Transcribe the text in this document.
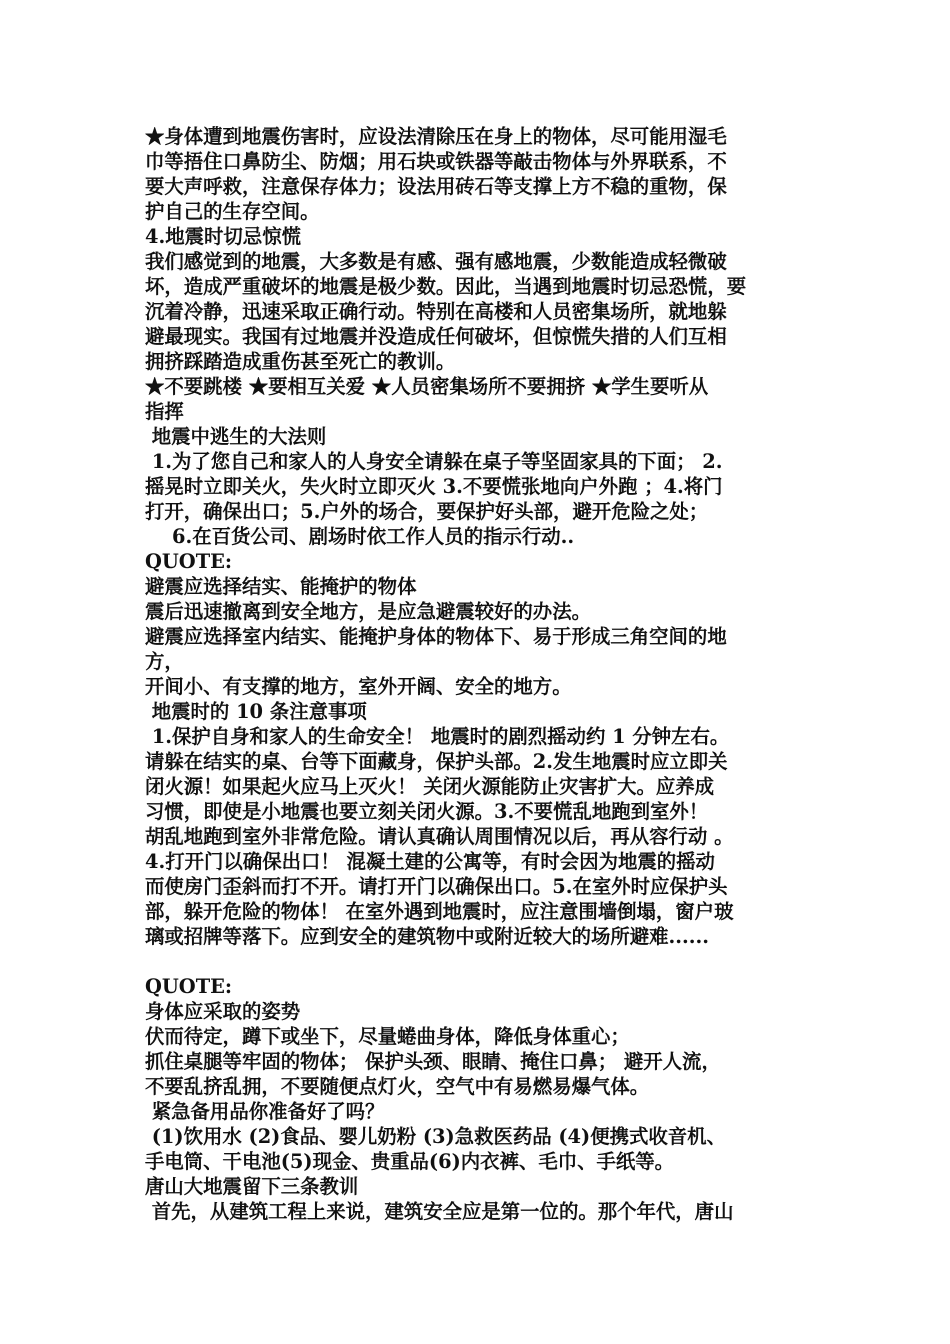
★身体遭到地震伤害时，应设法清除压在身上的物体，尽可能用湿毛
巾等捂住口鼻防尘、防烟；用石块或铁器等敲击物体与外界联系，不
要大声呼救，注意保存体力；设法用砖石等支撑上方不稳的重物，保
护自己的生存空间。
4.地震时切忌惊慌
我们感觉到的地震，大多数是有感、强有感地震，少数能造成轻微破
坏，造成严重破坏的地震是极少数。因此，当遇到地震时切忌恐慌，要
沉着冷静，迅速采取正确行动。特别在高楼和人员密集场所，就地躲
避最现实。我国有过地震并没造成任何破坏，但惊慌失措的人们互相
拥挤踩踏造成重伤甚至死亡的教训。
★不要跳楼 ★要相互关爱 ★人员密集场所不要拥挤 ★学生要听从
指挥
地震中逃生的大法则
1.为了您自己和家人的人身安全请躲在桌子等坚固家具的下面； 2.
摇晃时立即关火，失火时立即灭火 3.不要慌张地向户外跑 ；4.将门
打开，确保出口；5.户外的场合，要保护好头部，避开危险之处；
6.在百货公司、剧场时依工作人员的指示行动..
QUOTE:
避震应选择结实、能掩护的物体
震后迅速撤离到安全地方，是应急避震较好的办法。
避震应选择室内结实、能掩护身体的物体下、易于形成三角空间的地
方，
开间小、有支撑的地方，室外开阔、安全的地方。
地震时的 10 条注意事项
1.保护自身和家人的生命安全！ 地震时的剧烈摇动约 1 分钟左右。
请躲在结实的桌、台等下面藏身，保护头部。2.发生地震时应立即关
闭火源！如果起火应马上灭火！ 关闭火源能防止灾害扩大。应养成
习惯，即使是小地震也要立刻关闭火源。3.不要慌乱地跑到室外！
胡乱地跑到室外非常危险。请认真确认周围情况以后，再从容行动 。
4.打开门以确保出口！ 混凝土建的公寓等，有时会因为地震的摇动
而使房门歪斜而打不开。请打开门以确保出口。5.在室外时应保护头
部，躲开危险的物体！ 在室外遇到地震时，应注意围墙倒塌，窗户玻
璃或招牌等落下。应到安全的建筑物中或附近较大的场所避难......
QUOTE:
身体应采取的姿势
伏而待定，蹲下或坐下，尽量蜷曲身体，降低身体重心；
抓住桌腿等牢固的物体； 保护头颈、眼睛、掩住口鼻； 避开人流，
不要乱挤乱拥，不要随便点灯火，空气中有易燃易爆气体。
紧急备用品你准备好了吗？
(1)饮用水 (2)食品、婴儿奶粉 (3)急救医药品 (4)便携式收音机、
手电筒、干电池(5)现金、贵重品(6)内衣裤、毛巾、手纸等。
唐山大地震留下三条教训
首先，从建筑工程上来说，建筑安全应是第一位的。那个年代，唐山
